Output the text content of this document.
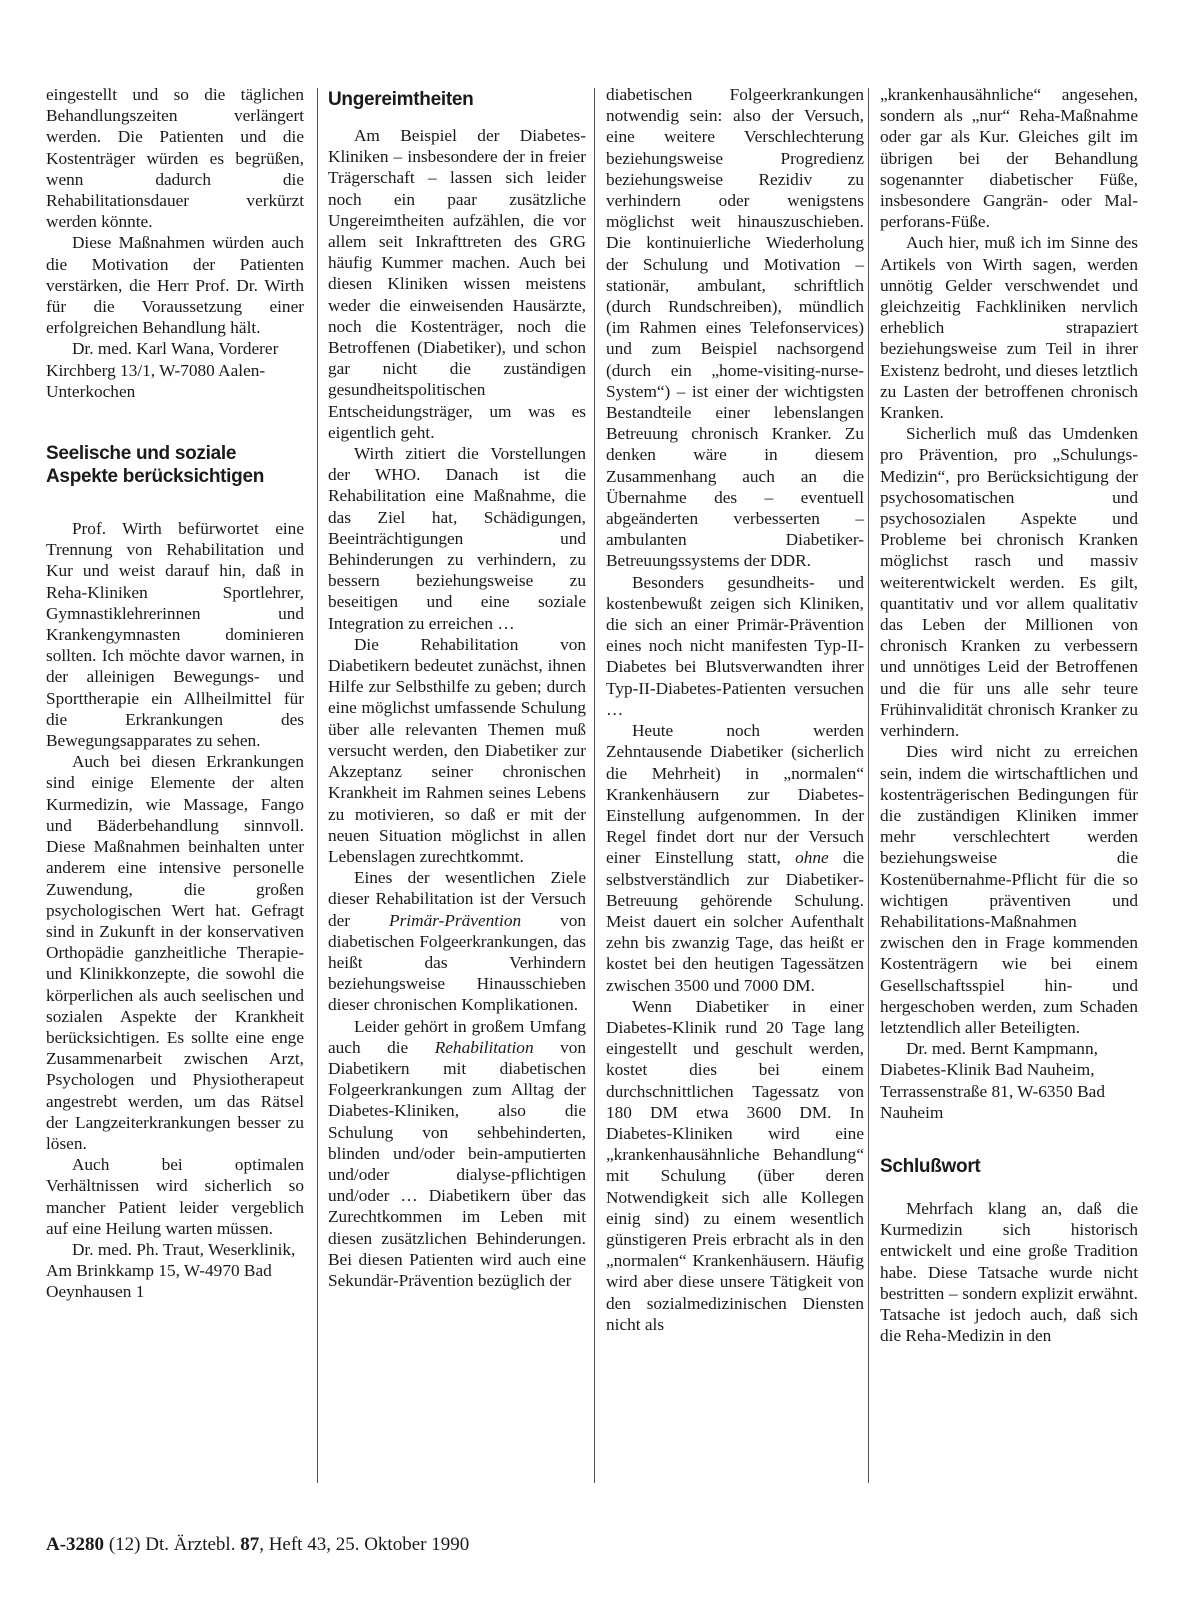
eingestellt und so die täglichen Behandlungszeiten verlängert werden. Die Patienten und die Kostenträger würden es begrüßen, wenn dadurch die Rehabilitationsdauer verkürzt werden könnte.

Diese Maßnahmen würden auch die Motivation der Patienten verstärken, die Herr Prof. Dr. Wirth für die Voraussetzung einer erfolgreichen Behandlung hält.

Dr. med. Karl Wana, Vorderer Kirchberg 13/1, W-7080 Aalen-Unterkochen

Seelische und soziale Aspekte berücksichtigen

Prof. Wirth befürwortet eine Trennung von Rehabilitation und Kur und weist darauf hin, daß in Reha-Kliniken Sportlehrer, Gymnastiklehrerinnen und Krankengymnasten dominieren sollten. Ich möchte davor warnen, in der alleinigen Bewegungs- und Sporttherapie ein Allheilmittel für die Erkrankungen des Bewegungsapparates zu sehen.

Auch bei diesen Erkrankungen sind einige Elemente der alten Kurmedizin, wie Massage, Fango und Bäderbehandlung sinnvoll. Diese Maßnahmen beinhalten unter anderem eine intensive personelle Zuwendung, die großen psychologischen Wert hat. Gefragt sind in Zukunft in der konservativen Orthopädie ganzheitliche Therapie- und Klinikkonzepte, die sowohl die körperlichen als auch seelischen und sozialen Aspekte der Krankheit berücksichtigen. Es sollte eine enge Zusammenarbeit zwischen Arzt, Psychologen und Physiotherapeut angestrebt werden, um das Rätsel der Langzeiterkrankungen besser zu lösen.

Auch bei optimalen Verhältnissen wird sicherlich so mancher Patient leider vergeblich auf eine Heilung warten müssen.

Dr. med. Ph. Traut, Weserklinik, Am Brinkkamp 15, W-4970 Bad Oeynhausen 1

Ungereimtheiten

Am Beispiel der Diabetes-Kliniken – insbesondere der in freier Trägerschaft – lassen sich leider noch ein paar zusätzliche Ungereimtheiten aufzählen, die vor allem seit Inkrafttreten des GRG häufig Kummer machen. Auch bei diesen Kliniken wissen meistens weder die einweisenden Hausärzte, noch die Kostenträger, noch die Betroffenen (Diabetiker), und schon gar nicht die zuständigen gesundheitspolitischen Entscheidungsträger, um was es eigentlich geht.

Wirth zitiert die Vorstellungen der WHO. Danach ist die Rehabilitation eine Maßnahme, die das Ziel hat, Schädigungen, Beeinträchtigungen und Behinderungen zu verhindern, zu bessern beziehungsweise zu beseitigen und eine soziale Integration zu erreichen …

Die Rehabilitation von Diabetikern bedeutet zunächst, ihnen Hilfe zur Selbsthilfe zu geben; durch eine möglichst umfassende Schulung über alle relevanten Themen muß versucht werden, den Diabetiker zur Akzeptanz seiner chronischen Krankheit im Rahmen seines Lebens zu motivieren, so daß er mit der neuen Situation möglichst in allen Lebenslagen zurechtkommt.

Eines der wesentlichen Ziele dieser Rehabilitation ist der Versuch der Primär-Prävention von diabetischen Folgeerkrankungen, das heißt das Verhindern beziehungsweise Hinausschieben dieser chronischen Komplikationen.

Leider gehört in großem Umfang auch die Rehabilitation von Diabetikern mit diabetischen Folgeerkrankungen zum Alltag der Diabetes-Kliniken, also die Schulung von sehbehinderten, blinden und/oder bein-amputierten und/oder dialyse-pflichtigen und/oder … Diabetikern über das Zurechtkommen im Leben mit diesen zusätzlichen Behinderungen. Bei diesen Patienten wird auch eine Sekundär-Prävention bezüglich der

diabetischen Folgeerkrankungen notwendig sein: also der Versuch, eine weitere Verschlechterung beziehungsweise Progredienz beziehungsweise Rezidiv zu verhindern oder wenigstens möglichst weit hinauszuschieben. Die kontinuierliche Wiederholung der Schulung und Motivation – stationär, ambulant, schriftlich (durch Rundschreiben), mündlich (im Rahmen eines Telefonservices) und zum Beispiel nachsorgend (durch ein „home-visiting-nurse-System“) – ist einer der wichtigsten Bestandteile einer lebenslangen Betreuung chronisch Kranker. Zu denken wäre in diesem Zusammenhang auch an die Übernahme des – eventuell abgeänderten verbesserten – ambulanten Diabetiker-Betreuungssystems der DDR.

Besonders gesundheits- und kostenbewußt zeigen sich Kliniken, die sich an einer Primär-Prävention eines noch nicht manifesten Typ-II-Diabetes bei Blutsverwandten ihrer Typ-II-Diabetes-Patienten versuchen …

Heute noch werden Zehntausende Diabetiker (sicherlich die Mehrheit) in „normalen“ Krankenhäusern zur Diabetes-Einstellung aufgenommen. In der Regel findet dort nur der Versuch einer Einstellung statt, ohne die selbstverständlich zur Diabetiker-Betreuung gehörende Schulung. Meist dauert ein solcher Aufenthalt zehn bis zwanzig Tage, das heißt er kostet bei den heutigen Tagessätzen zwischen 3500 und 7000 DM.

Wenn Diabetiker in einer Diabetes-Klinik rund 20 Tage lang eingestellt und geschult werden, kostet dies bei einem durchschnittlichen Tagessatz von 180 DM etwa 3600 DM. In Diabetes-Kliniken wird eine „krankenhausähnliche Behandlung“ mit Schulung (über deren Notwendigkeit sich alle Kollegen einig sind) zu einem wesentlich günstigeren Preis erbracht als in den „normalen“ Krankenhäusern. Häufig wird aber diese unsere Tätigkeit von den sozialmedizinischen Diensten nicht als

„krankenhausähnliche“ angesehen, sondern als „nur“ Reha-Maßnahme oder gar als Kur. Gleiches gilt im übrigen bei der Behandlung sogenannter diabetischer Füße, insbesondere Gangrän- oder Mal-perforans-Füße.

Auch hier, muß ich im Sinne des Artikels von Wirth sagen, werden unnötig Gelder verschwendet und gleichzeitig Fachkliniken nervlich erheblich strapaziert beziehungsweise zum Teil in ihrer Existenz bedroht, und dieses letztlich zu Lasten der betroffenen chronisch Kranken.

Sicherlich muß das Umdenken pro Prävention, pro „Schulungs-Medizin“, pro Berücksichtigung der psychosomatischen und psychosozialen Aspekte und Probleme bei chronisch Kranken möglichst rasch und massiv weiterentwickelt werden. Es gilt, quantitativ und vor allem qualitativ das Leben der Millionen von chronisch Kranken zu verbessern und unnötiges Leid der Betroffenen und die für uns alle sehr teure Frühinvalidität chronisch Kranker zu verhindern.

Dies wird nicht zu erreichen sein, indem die wirtschaftlichen und kostenträgerischen Bedingungen für die zuständigen Kliniken immer mehr verschlechtert werden beziehungsweise die Kostenübernahme-Pflicht für die so wichtigen präventiven und Rehabilitations-Maßnahmen zwischen den in Frage kommenden Kostenträgern wie bei einem Gesellschaftsspiel hin- und hergeschoben werden, zum Schaden letztendlich aller Beteiligten.

Dr. med. Bernt Kampmann, Diabetes-Klinik Bad Nauheim, Terrassenstraße 81, W-6350 Bad Nauheim

Schlußwort

Mehrfach klang an, daß die Kurmedizin sich historisch entwickelt und eine große Tradition habe. Diese Tatsache wurde nicht bestritten – sondern explizit erwähnt. Tatsache ist jedoch auch, daß sich die Reha-Medizin in den

A-3280 (12) Dt. Ärztebl. 87, Heft 43, 25. Oktober 1990
